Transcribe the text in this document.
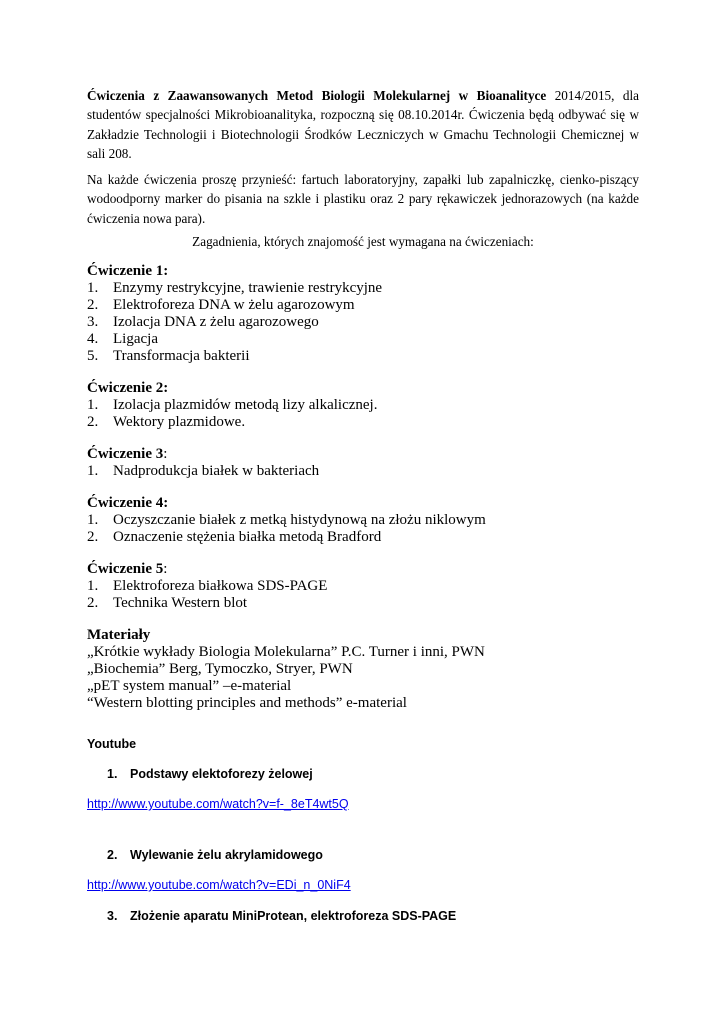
Ćwiczenia z Zaawansowanych Metod Biologii Molekularnej w Bioanalityce 2014/2015, dla studentów specjalności Mikrobioanalityka, rozpoczną się 08.10.2014r. Ćwiczenia będą odbywać się w Zakładzie Technologii i Biotechnologii Środków Leczniczych w Gmachu Technologii Chemicznej w sali 208.
Na każde ćwiczenia proszę przynieść: fartuch laboratoryjny, zapałki lub zapalniczkę, cienko-piszący wodoodporny marker do pisania na szkle i plastiku oraz 2 pary rękawiczek jednorazowych (na każde ćwiczenia nowa para).
Zagadnienia, których znajomość jest wymagana na ćwiczeniach:
Ćwiczenie 1:
1. Enzymy restrykcyjne, trawienie restrykcyjne
2. Elektroforeza DNA w żelu agarozowym
3. Izolacja DNA z żelu agarozowego
4. Ligacja
5. Transformacja bakterii
Ćwiczenie 2:
1. Izolacja plazmidów metodą lizy alkalicznej.
2. Wektory plazmidowe.
Ćwiczenie 3:
1. Nadprodukcja białek w bakteriach
Ćwiczenie 4:
1. Oczyszczanie białek z metką histydynową na złożu niklowym
2. Oznaczenie stężenia białka metodą Bradford
Ćwiczenie 5:
1. Elektroforeza białkowa SDS-PAGE
2. Technika Western blot
Materiały
„Krótkie wykłady Biologia Molekularna” P.C. Turner i inni, PWN
„Biochemia” Berg, Tymoczko, Stryer, PWN
„pET system manual” –e-material
“Western blotting principles and methods” e-material
Youtube
1.	Podstawy elektoforezy żelowej
http://www.youtube.com/watch?v=f-_8eT4wt5Q
2.	Wylewanie żelu akrylamidowego
http://www.youtube.com/watch?v=EDi_n_0NiF4
3.	Złożenie aparatu MiniProtean, elektroforeza SDS-PAGE
